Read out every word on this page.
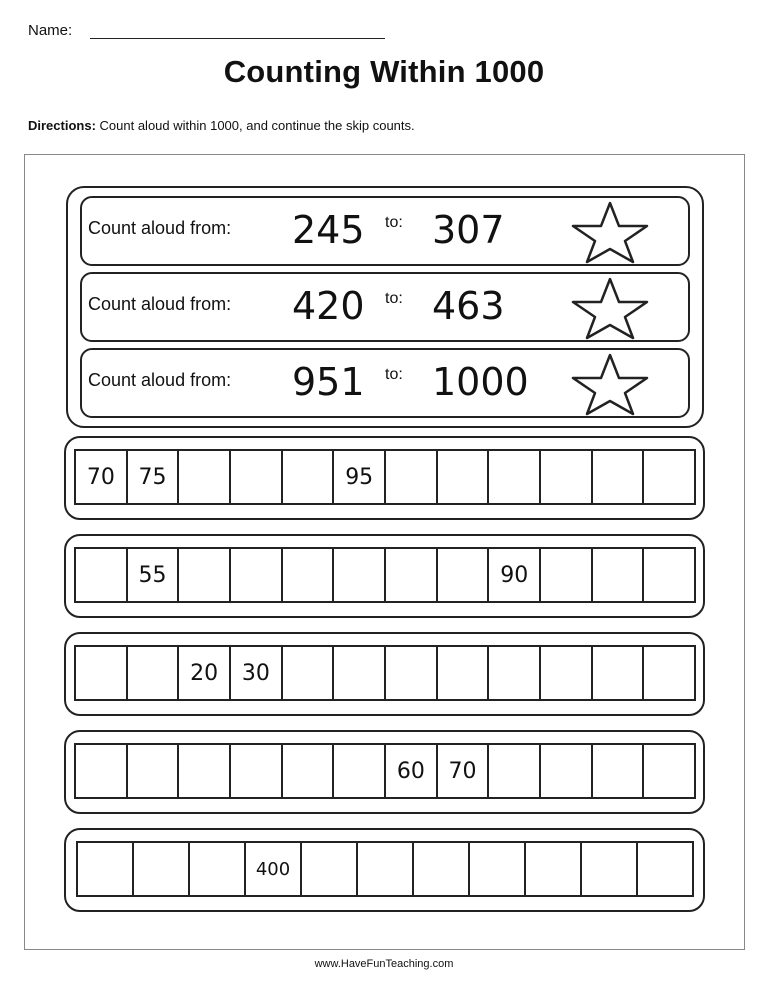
Name:
Counting Within 1000
Directions: Count aloud within 1000, and continue the skip counts.
Count aloud from: 245 to: 307
Count aloud from: 420 to: 463
Count aloud from: 951 to: 1000
70	75	95
55	90
20	30
60	70
400
www.HaveFunTeaching.com
